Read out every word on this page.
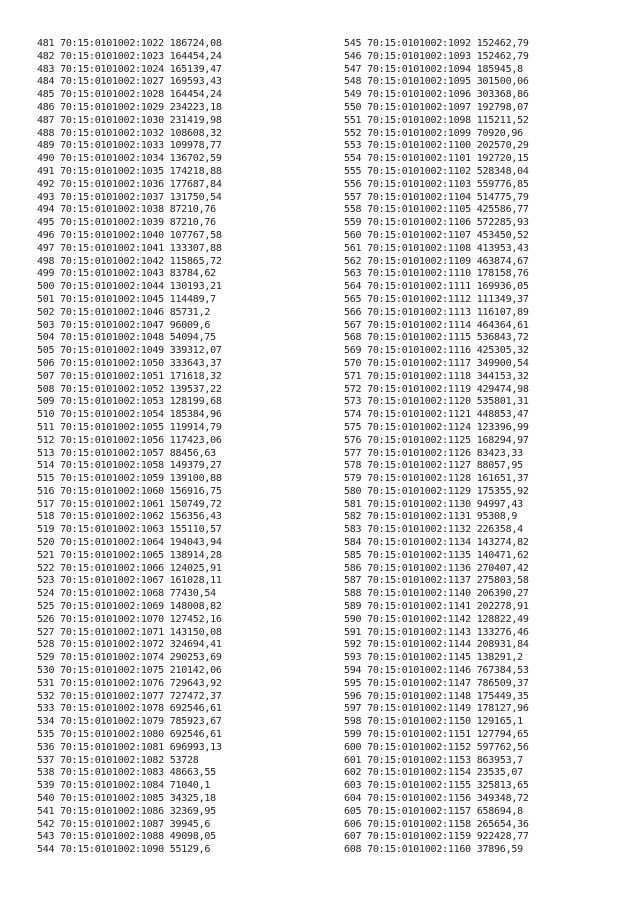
481 70:15:0101002:1022 186724,08
482 70:15:0101002:1023 164454,24
483 70:15:0101002:1024 165139,47
484 70:15:0101002:1027 169593,43
485 70:15:0101002:1028 164454,24
486 70:15:0101002:1029 234223,18
487 70:15:0101002:1030 231419,98
488 70:15:0101002:1032 108608,32
489 70:15:0101002:1033 109978,77
490 70:15:0101002:1034 136702,59
491 70:15:0101002:1035 174218,88
492 70:15:0101002:1036 177687,84
493 70:15:0101002:1037 131750,54
494 70:15:0101002:1038 87210,76
495 70:15:0101002:1039 87210,76
496 70:15:0101002:1040 107767,58
497 70:15:0101002:1041 133307,88
498 70:15:0101002:1042 115865,72
499 70:15:0101002:1043 83784,62
500 70:15:0101002:1044 130193,21
501 70:15:0101002:1045 114489,7
502 70:15:0101002:1046 85731,2
503 70:15:0101002:1047 96009,6
504 70:15:0101002:1048 54094,75
505 70:15:0101002:1049 339312,07
506 70:15:0101002:1050 333643,37
507 70:15:0101002:1051 171618,32
508 70:15:0101002:1052 139537,22
509 70:15:0101002:1053 128199,68
510 70:15:0101002:1054 185384,96
511 70:15:0101002:1055 119914,79
512 70:15:0101002:1056 117423,06
513 70:15:0101002:1057 88456,63
514 70:15:0101002:1058 149379,27
515 70:15:0101002:1059 139100,88
516 70:15:0101002:1060 156916,75
517 70:15:0101002:1061 150749,72
518 70:15:0101002:1062 156356,43
519 70:15:0101002:1063 155110,57
520 70:15:0101002:1064 194043,94
521 70:15:0101002:1065 138914,28
522 70:15:0101002:1066 124025,91
523 70:15:0101002:1067 161028,11
524 70:15:0101002:1068 77430,54
525 70:15:0101002:1069 148008,82
526 70:15:0101002:1070 127452,16
527 70:15:0101002:1071 143150,08
528 70:15:0101002:1072 324694,41
529 70:15:0101002:1074 290253,69
530 70:15:0101002:1075 210142,06
531 70:15:0101002:1076 729643,92
532 70:15:0101002:1077 727472,37
533 70:15:0101002:1078 692546,61
534 70:15:0101002:1079 785923,67
535 70:15:0101002:1080 692546,61
536 70:15:0101002:1081 696993,13
537 70:15:0101002:1082 53728
538 70:15:0101002:1083 48663,55
539 70:15:0101002:1084 71040,1
540 70:15:0101002:1085 34325,18
541 70:15:0101002:1086 32369,95
542 70:15:0101002:1087 39945,6
543 70:15:0101002:1088 49098,05
544 70:15:0101002:1090 55129,6
545 70:15:0101002:1092 152462,79
546 70:15:0101002:1093 152462,79
547 70:15:0101002:1094 185945,8
548 70:15:0101002:1095 301500,06
549 70:15:0101002:1096 303368,86
550 70:15:0101002:1097 192798,07
551 70:15:0101002:1098 115211,52
552 70:15:0101002:1099 70920,96
553 70:15:0101002:1100 202570,29
554 70:15:0101002:1101 192720,15
555 70:15:0101002:1102 528348,04
556 70:15:0101002:1103 559776,85
557 70:15:0101002:1104 514775,79
558 70:15:0101002:1105 425586,77
559 70:15:0101002:1106 572285,93
560 70:15:0101002:1107 453450,52
561 70:15:0101002:1108 413953,43
562 70:15:0101002:1109 463874,67
563 70:15:0101002:1110 178158,76
564 70:15:0101002:1111 169936,05
565 70:15:0101002:1112 111349,37
566 70:15:0101002:1113 116107,89
567 70:15:0101002:1114 464364,61
568 70:15:0101002:1115 536843,72
569 70:15:0101002:1116 425305,32
570 70:15:0101002:1117 349900,54
571 70:15:0101002:1118 344153,32
572 70:15:0101002:1119 429474,98
573 70:15:0101002:1120 535801,31
574 70:15:0101002:1121 448853,47
575 70:15:0101002:1124 123396,99
576 70:15:0101002:1125 168294,97
577 70:15:0101002:1126 83423,33
578 70:15:0101002:1127 88057,95
579 70:15:0101002:1128 161651,37
580 70:15:0101002:1129 175355,92
581 70:15:0101002:1130 94997,43
582 70:15:0101002:1131 95308,9
583 70:15:0101002:1132 226358,4
584 70:15:0101002:1134 143274,82
585 70:15:0101002:1135 140471,62
586 70:15:0101002:1136 270407,42
587 70:15:0101002:1137 275803,58
588 70:15:0101002:1140 206390,27
589 70:15:0101002:1141 202278,91
590 70:15:0101002:1142 128822,49
591 70:15:0101002:1143 133276,46
592 70:15:0101002:1144 208931,84
593 70:15:0101002:1145 138291,2
594 70:15:0101002:1146 767384,53
595 70:15:0101002:1147 786509,37
596 70:15:0101002:1148 175449,35
597 70:15:0101002:1149 178127,96
598 70:15:0101002:1150 129165,1
599 70:15:0101002:1151 127794,65
600 70:15:0101002:1152 597762,56
601 70:15:0101002:1153 863953,7
602 70:15:0101002:1154 23535,07
603 70:15:0101002:1155 325813,65
604 70:15:0101002:1156 349348,72
605 70:15:0101002:1157 658694,8
606 70:15:0101002:1158 265654,36
607 70:15:0101002:1159 922428,77
608 70:15:0101002:1160 37896,59
